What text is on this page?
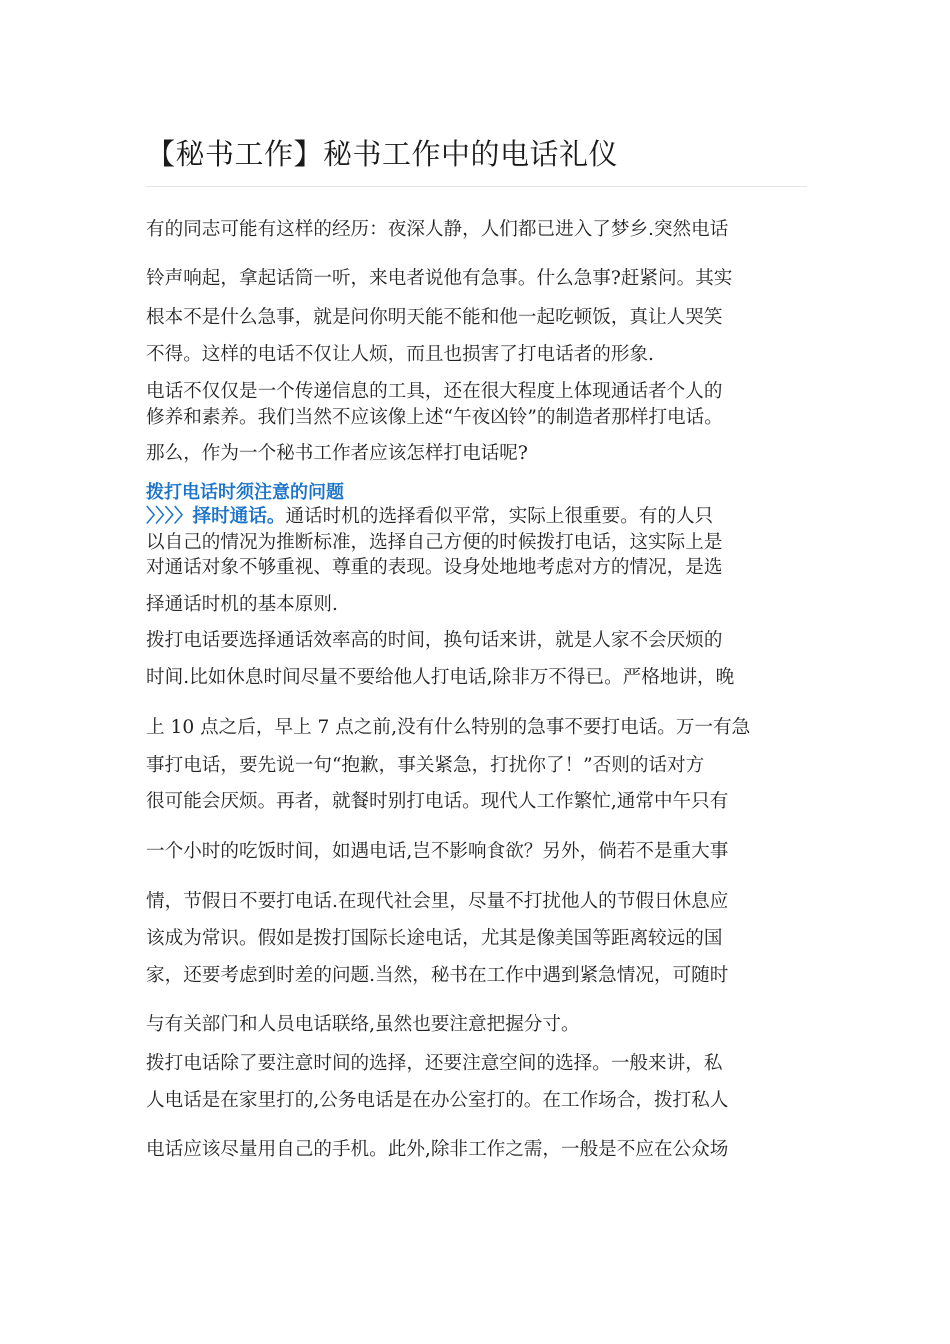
【秘书工作】秘书工作中的电话礼仪
有的同志可能有这样的经历：夜深人静，人们都已进入了梦乡.突然电话
铃声响起，拿起话筒一听，来电者说他有急事。什么急事?赶紧问。其实
根本不是什么急事，就是问你明天能不能和他一起吃顿饭，真让人哭笑
不得。这样的电话不仅让人烦，而且也损害了打电话者的形象.
电话不仅仅是一个传递信息的工具，还在很大程度上体现通话者个人的
修养和素养。我们当然不应该像上述“午夜凶铃”的制造者那样打电话。
那么，作为一个秘书工作者应该怎样打电话呢?
拨打电话时须注意的问题
〉〉〉〉择时通话。通话时机的选择看似平常，实际上很重要。有的人只
以自己的情况为推断标准，选择自己方便的时候拨打电话，这实际上是
对通话对象不够重视、尊重的表现。设身处地地考虑对方的情况，是选
择通话时机的基本原则.
拨打电话要选择通话效率高的时间，换句话来讲，就是人家不会厌烦的
时间.比如休息时间尽量不要给他人打电话,除非万不得已。严格地讲，晚
上 10 点之后，早上 7 点之前,没有什么特别的急事不要打电话。万一有急
事打电话，要先说一句“抱歉，事关紧急，打扰你了！”否则的话对方
很可能会厌烦。再者，就餐时别打电话。现代人工作繁忙,通常中午只有
一个小时的吃饭时间，如遇电话,岂不影响食欲？另外，倘若不是重大事
情，节假日不要打电话.在现代社会里，尽量不打扰他人的节假日休息应
该成为常识。假如是拨打国际长途电话，尤其是像美国等距离较远的国
家，还要考虑到时差的问题.当然，秘书在工作中遇到紧急情况，可随时
与有关部门和人员电话联络,虽然也要注意把握分寸。
拨打电话除了要注意时间的选择，还要注意空间的选择。一般来讲，私
人电话是在家里打的,公务电话是在办公室打的。在工作场合，拨打私人
电话应该尽量用自己的手机。此外,除非工作之需，一般是不应在公众场
